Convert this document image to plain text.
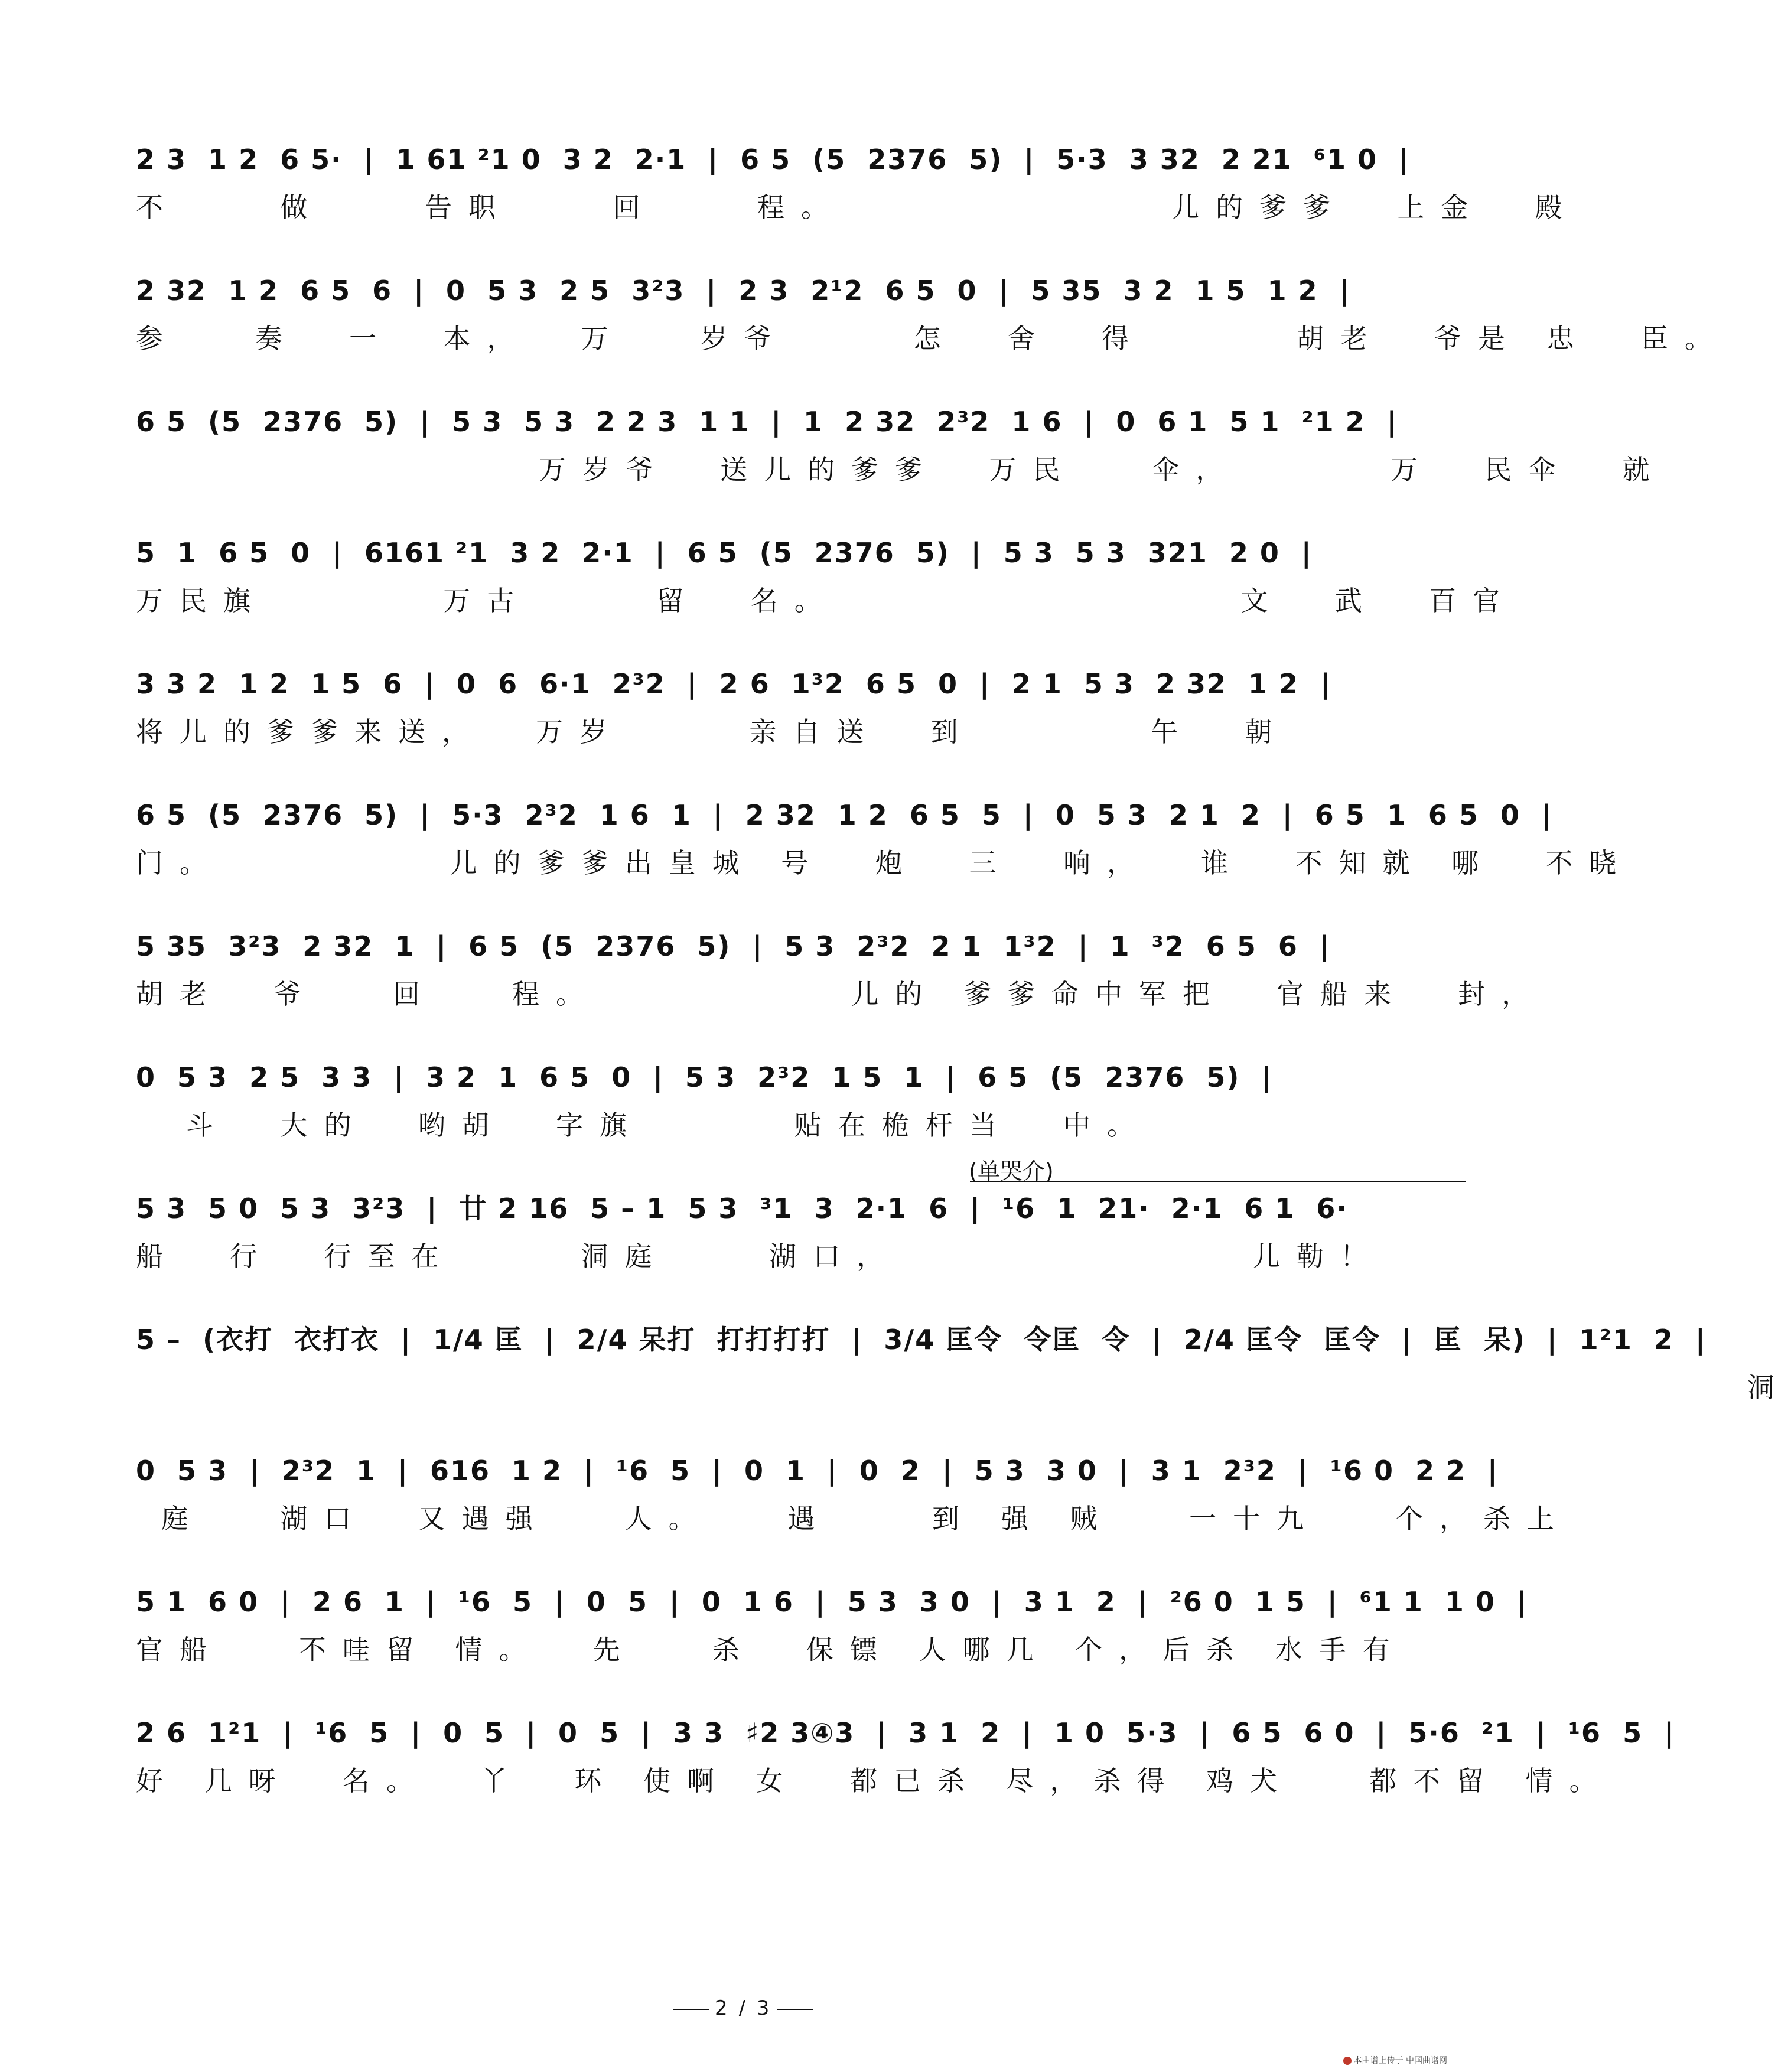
2 3  1 2  6 5·  |  1 61 ²1 0  3 2  2·1  |  6 5  (5  2376  5)  |  5·3  3 32  2 21  ⁶1 0  |
不    做    告职    回    程。             儿的爹爹  上金  殿
2 32  1 2  6 5  6  |  0  5 3  2 5  3²3  |  2 3  2¹2  6 5  0  |  5 35  3 2  1 5  1 2  |
参   奏  一  本，  万   岁爷     怎  舍  得      胡老  爷是 忠  臣。
6 5  (5  2376  5)  |  5 3  5 3  2 2 3  1 1  |  1  2 32  2³2  1 6  |  0  6 1  5 1  ²1 2  |
万岁爷  送儿的爹爹  万民   伞，      万  民伞  就
5  1  6 5  0  |  6161 ²1  3 2  2·1  |  6 5  (5  2376  5)  |  5 3  5 3  321  2 0  |
万民旗       万古     留  名。                文  武  百官
3 3 2  1 2  1 5  6  |  0  6  6·1  2³2  |  2 6  1³2  6 5  0  |  2 1  5 3  2 32  1 2  |
将儿的爹爹来送，  万岁     亲自送  到       午  朝
6 5  (5  2376  5)  |  5·3  2³2  1 6  1  |  2 32  1 2  6 5  5  |  0  5 3  2 1  2  |  6 5  1  6 5  0  |
门。         儿的爹爹出皇城 号  炮  三  响，  谁  不知就 哪  不晓
5 35  3²3  2 32  1  |  6 5  (5  2376  5)  |  5 3  2³2  2 1  1³2  |  1  ³2  6 5  6  |
胡老  爷   回   程。          儿的 爹爹命中军把  官船来  封，
0  5 3  2 5  3 3  |  3 2  1  6 5  0  |  5 3  2³2  1 5  1  |  6 5  (5  2376  5)  |
斗  大的  哟胡  字旗      贴在桅杆当  中。
(单哭介)
5 3  5 0  5 3  3²3  |  廿 2 16  5 – 1  5 3  ³1  3  2·1  6  |  ¹6  1  21·  2·1  6 1  6·
船  行  行至在     洞庭    湖口，              儿勒！
5 –  (衣打  衣打衣  |  1/4 匡  |  2/4 呆打  打打打打  |  3/4 匡令  令匡  令  |  2/4 匡令  匡令  |  匡  呆)  |  1²1  2  |
洞
0  5 3  |  2³2  1  |  616  1 2  |  ¹6  5  |  0  1  |  0  2  |  5 3  3 0  |  3 1  2³2  |  ¹6 0  2 2  |
庭   湖口  又遇强   人。   遇    到 强 贼   一十九   个，杀上
5 1  6 0  |  2 6  1  |  ¹6  5  |  0  5  |  0  1 6  |  5 3  3 0  |  3 1  2  |  ²6 0  1 5  |  ⁶1 1  1 0  |
官船   不哇留 情。  先   杀  保镖 人哪几 个，后杀 水手有
2 6  1²1  |  ¹6  5  |  0  5  |  0  5  |  3 3  ♯2 3④3  |  3 1  2  |  1 0  5·3  |  6 5  6 0  |  5·6  ²1  |  ¹6  5  |
好 几呀  名。  丫  环 使啊 女  都已杀 尽，杀得 鸡犬   都不留 情。
2 / 3
本曲谱上传于 中国曲谱网
